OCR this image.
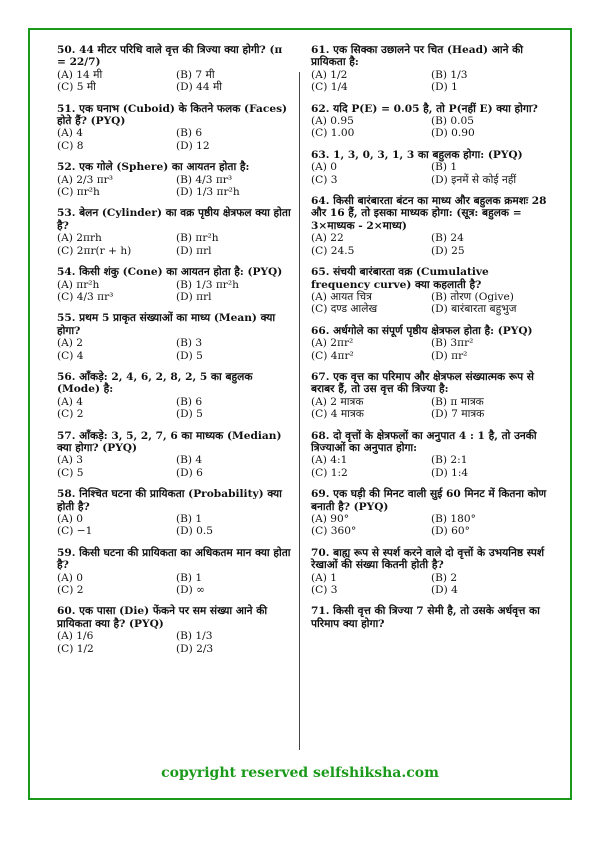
50. 44 मीटर परिधि वाले वृत्त की त्रिज्या क्या होगी? (π = 22/7)
(A) 14 मी	(B) 7 मी
(C) 5 मी	(D) 44 मी
51. एक घनाभ (Cuboid) के कितने फलक (Faces) होते हैं? (PYQ)
(A) 4	(B) 6
(C) 8	(D) 12
52. एक गोले (Sphere) का आयतन होता है:
(A) 2/3 πr³	(B) 4/3 πr³
(C) πr²h	(D) 1/3 πr²h
53. बेलन (Cylinder) का वक्र पृष्ठीय क्षेत्रफल क्या होता है?
(A) 2πrh	(B) πr²h
(C) 2πr(r + h)	(D) πrl
54. किसी शंकु (Cone) का आयतन होता है: (PYQ)
(A) πr²h	(B) 1/3 πr²h
(C) 4/3 πr³	(D) πrl
55. प्रथम 5 प्राकृत संख्याओं का माध्य (Mean) क्या होगा?
(A) 2	(B) 3
(C) 4	(D) 5
56. आँकड़े: 2, 4, 6, 2, 8, 2, 5 का बहुलक (Mode) है:
(A) 4	(B) 6
(C) 2	(D) 5
57. आँकड़े: 3, 5, 2, 7, 6 का माध्यक (Median) क्या होगा? (PYQ)
(A) 3	(B) 4
(C) 5	(D) 6
58. निश्चित घटना की प्रायिकता (Probability) क्या होती है?
(A) 0	(B) 1
(C) −1	(D) 0.5
59. किसी घटना की प्रायिकता का अधिकतम मान क्या होता है?
(A) 0	(B) 1
(C) 2	(D) ∞
60. एक पासा (Die) फेंकने पर सम संख्या आने की प्रायिकता क्या है? (PYQ)
(A) 1/6	(B) 1/3
(C) 1/2	(D) 2/3
61. एक सिक्का उछालने पर चित (Head) आने की प्रायिकता है:
(A) 1/2	(B) 1/3
(C) 1/4	(D) 1
62. यदि P(E) = 0.05 है, तो P(नहीं E) क्या होगा?
(A) 0.95	(B) 0.05
(C) 1.00	(D) 0.90
63. 1, 3, 0, 3, 1, 3 का बहुलक होगा: (PYQ)
(A) 0	(B) 1
(C) 3	(D) इनमें से कोई नहीं
64. किसी बारंबारता बंटन का माध्य और बहुलक क्रमशः 28 और 16 हैं, तो इसका माध्यक होगा: (सूत्र: बहुलक = 3×माध्यक - 2×माध्य)
(A) 22	(B) 24
(C) 24.5	(D) 25
65. संचयी बारंबारता वक्र (Cumulative frequency curve) क्या कहलाती है?
(A) आयत चित्र	(B) तोरण (Ogive)
(C) दण्ड आलेख	(D) बारंबारता बहुभुज
66. अर्धगोले का संपूर्ण पृष्ठीय क्षेत्रफल होता है: (PYQ)
(A) 2πr²	(B) 3πr²
(C) 4πr²	(D) πr²
67. एक वृत्त का परिमाप और क्षेत्रफल संख्यात्मक रूप से बराबर हैं, तो उस वृत्त की त्रिज्या है:
(A) 2 मात्रक	(B) π मात्रक
(C) 4 मात्रक	(D) 7 मात्रक
68. दो वृत्तों के क्षेत्रफलों का अनुपात 4 : 1 है, तो उनकी त्रिज्याओं का अनुपात होगा:
(A) 4:1	(B) 2:1
(C) 1:2	(D) 1:4
69. एक घड़ी की मिनट वाली सुई 60 मिनट में कितना कोण बनाती है? (PYQ)
(A) 90°	(B) 180°
(C) 360°	(D) 60°
70. बाह्य रूप से स्पर्श करने वाले दो वृत्तों के उभयनिष्ठ स्पर्श रेखाओं की संख्या कितनी होती है?
(A) 1	(B) 2
(C) 3	(D) 4
71. किसी वृत्त की त्रिज्या 7 सेमी है, तो उसके अर्धवृत्त का परिमाप क्या होगा?
copyright reserved selfshiksha.com
